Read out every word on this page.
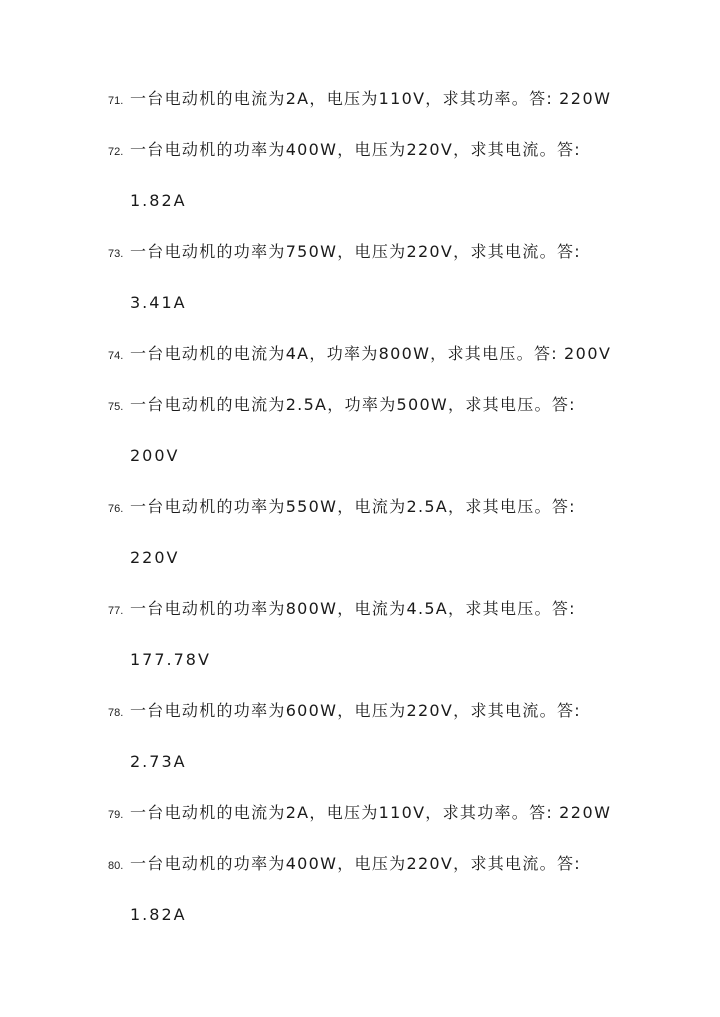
71. 一台电动机的电流为2A，电压为110V，求其功率。答: 220W
72. 一台电动机的功率为400W，电压为220V，求其电流。答:
1.82A
73. 一台电动机的功率为750W，电压为220V，求其电流。答:
3.41A
74. 一台电动机的电流为4A，功率为800W，求其电压。答: 200V
75. 一台电动机的电流为2.5A，功率为500W，求其电压。答:
200V
76. 一台电动机的功率为550W，电流为2.5A，求其电压。答:
220V
77. 一台电动机的功率为800W，电流为4.5A，求其电压。答:
177.78V
78. 一台电动机的功率为600W，电压为220V，求其电流。答:
2.73A
79. 一台电动机的电流为2A，电压为110V，求其功率。答: 220W
80. 一台电动机的功率为400W，电压为220V，求其电流。答:
1.82A
